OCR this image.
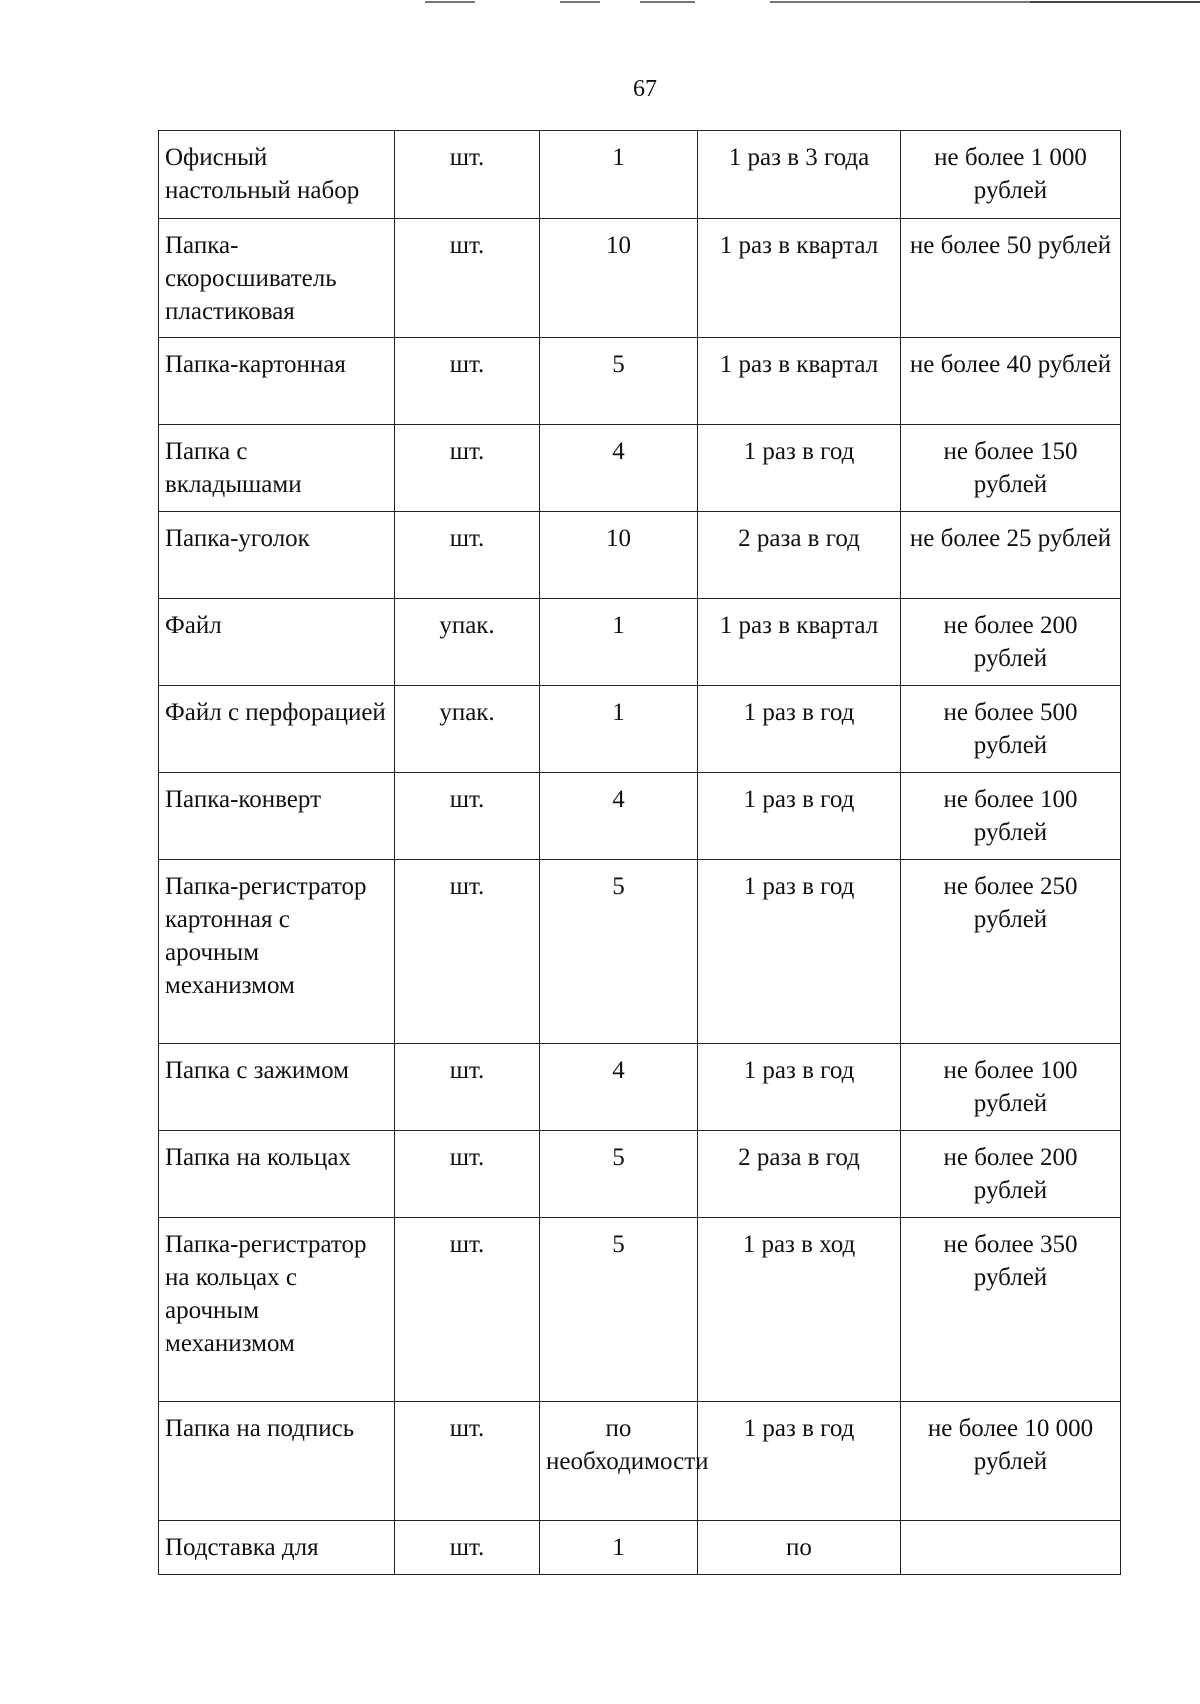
67
Офисный настольный набор	шт.	1	1 раз в 3 года	не более 1 000 рублей
Папка-скоросшиватель пластиковая	шт.	10	1 раз в квартал	не более 50 рублей
Папка-картонная	шт.	5	1 раз в квартал	не более 40 рублей
Папка с вкладышами	шт.	4	1 раз в год	не более 150 рублей
Папка-уголок	шт.	10	2 раза в год	не более 25 рублей
Файл	упак.	1	1 раз в квартал	не более 200 рублей
Файл с перфорацией	упак.	1	1 раз в год	не более 500 рублей
Папка-конверт	шт.	4	1 раз в год	не более 100 рублей
Папка-регистратор картонная с арочным механизмом	шт.	5	1 раз в год	не более 250 рублей
Папка с зажимом	шт.	4	1 раз в год	не более 100 рублей
Папка на кольцах	шт.	5	2 раза в год	не более 200 рублей
Папка-регистратор на кольцах с арочным механизмом	шт.	5	1 раз в ход	не более 350 рублей
Папка на подпись	шт.	по необходимости	1 раз в год	не более 10 000 рублей
Подставка для	шт.	1	по	
